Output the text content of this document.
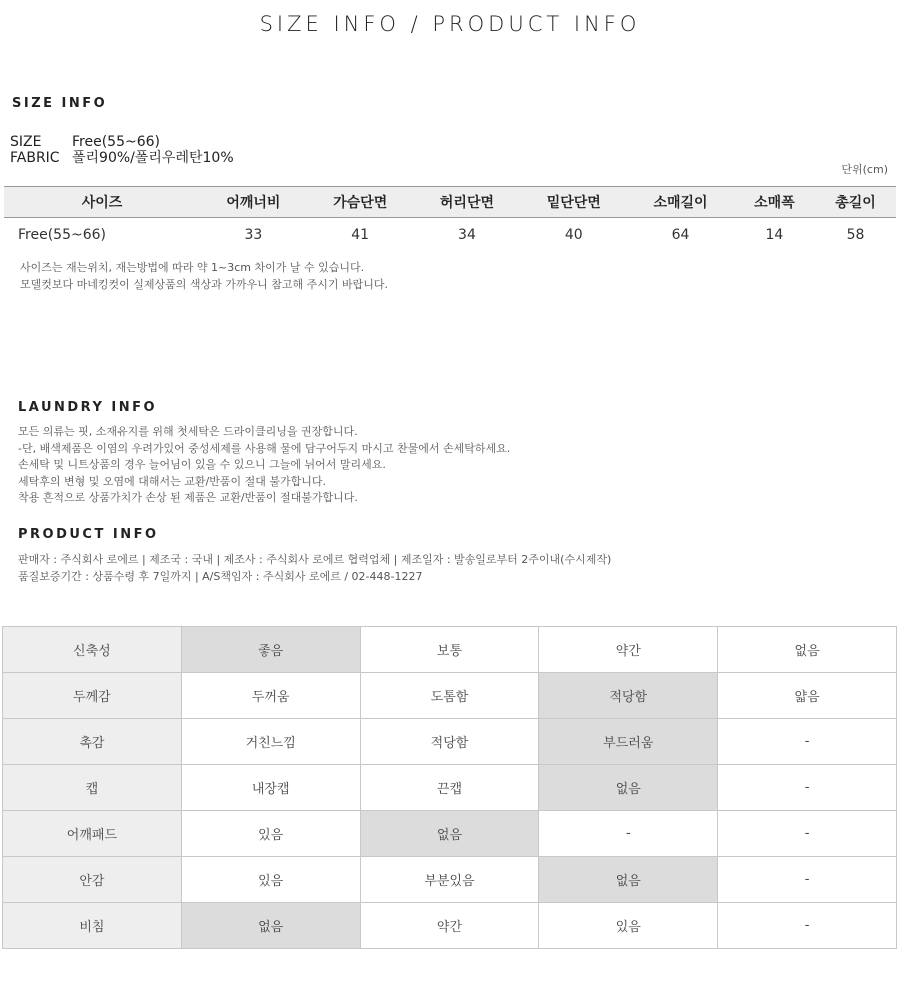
SIZE INFO / PRODUCT INFO
SIZE INFO
SIZE	Free(55~66)
FABRIC 폴리90%/폴리우레탄10%
단위(cm)
사이즈	어깨너비	가슴단면	허리단면	밑단단면	소매길이	소매폭	총길이
Free(55~66)	33	41	34	40	64	14	58
사이즈는 재는위치, 재는방법에 따라 약 1~3cm 차이가 날 수 있습니다.
모델컷보다 마네킹컷이 실제상품의 색상과 가까우니 참고해 주시기 바랍니다.
LAUNDRY INFO
모든 의류는 핏, 소재유지를 위해 첫세탁은 드라이클리닝을 권장합니다.
-단, 배색제품은 이염의 우려가있어 중성세제를 사용해 물에 담구어두지 마시고 찬물에서 손세탁하세요.
손세탁 및 니트상품의 경우 늘어님이 있을 수 있으니 그늘에 뉘어서 말리세요.
세탁후의 변형 및 오염에 대해서는 교환/반품이 절대 불가합니다.
착용 흔적으로 상품가치가 손상 된 제품은 교환/반품이 절대불가합니다.
PRODUCT INFO
판매자 : 주식회사 로에르 | 제조국 : 국내 | 제조사 : 주식회사 로에르 협력업체 | 제조일자 : 발송일로부터 2주이내(수시제작)
품질보증기간 : 상품수령 후 7일까지 | A/S책임자 : 주식회사 로에르 / 02-448-1227
신축성	좋음	보통	약간	없음
두께감	두꺼움	도톰함	적당함	얇음
촉감	거친느낌	적당함	부드러움	-
캡	내장캡	끈캡	없음	-
어깨패드	있음	없음	-	-
안감	있음	부분있음	없음	-
비침	없음	약간	있음	-
